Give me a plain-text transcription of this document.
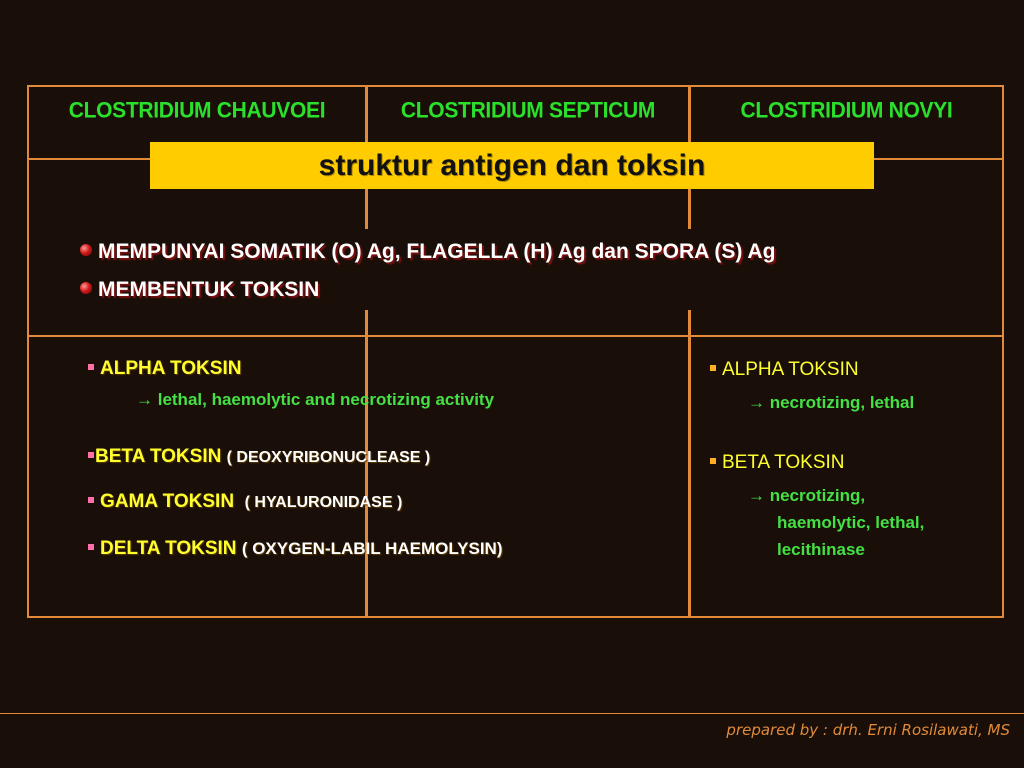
CLOSTRIDIUM CHAUVOEI	CLOSTRIDIUM SEPTICUM	CLOSTRIDIUM NOVYI
struktur antigen dan toksin
MEMPUNYAI SOMATIK (O) Ag, FLAGELLA (H) Ag dan SPORA (S) Ag
MEMBENTUK TOKSIN
ALPHA TOKSIN
→ lethal, haemolytic and necrotizing activity
BETA TOKSIN ( DEOXYRIBONUCLEASE )
GAMA TOKSIN ( HYALURONIDASE )
DELTA TOKSIN ( OXYGEN-LABIL HAEMOLYSIN)
ALPHA TOKSIN
→ necrotizing, lethal
BETA TOKSIN
→ necrotizing,
haemolytic, lethal,
lecithinase
prepared by : drh. Erni Rosilawati, MS
